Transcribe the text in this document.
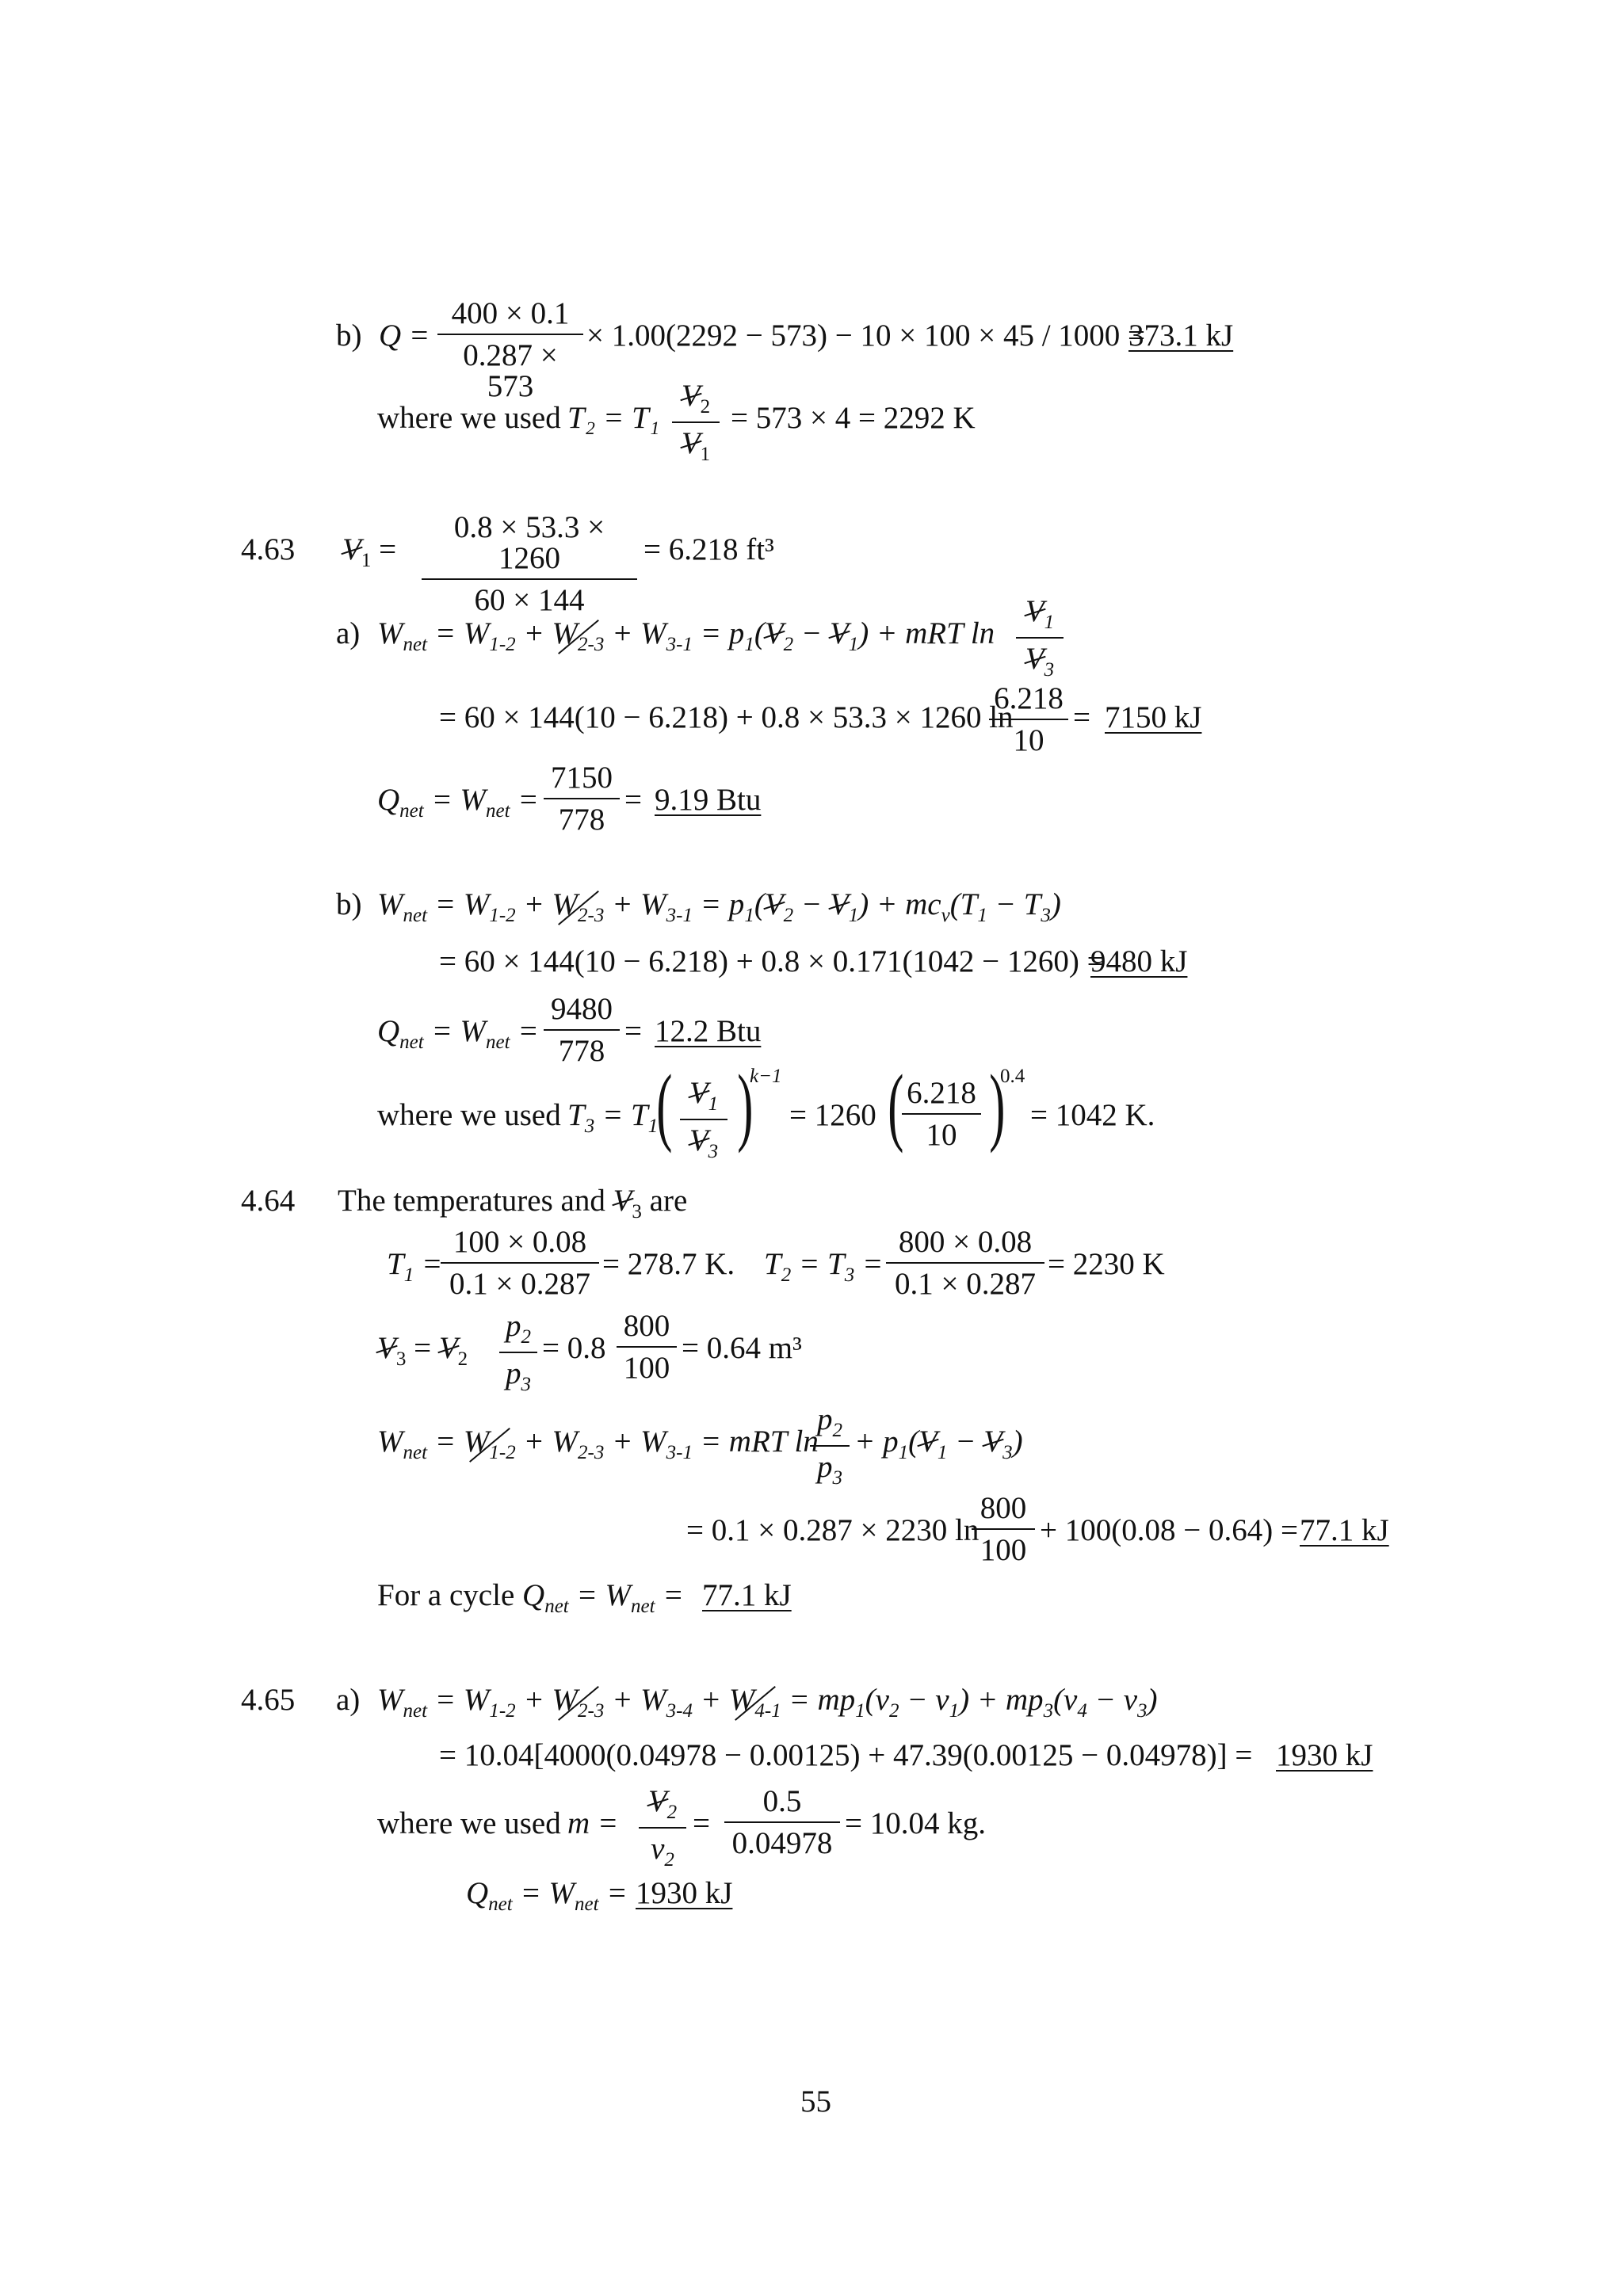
b) $Q = \frac{400 \times 0.1}{0.287 \times 573} \times 1.00(2292 - 573) - 10 \times 100 \times 45 / 1000$ =
373.1 kJ
where we used $T_2 = T_1 \frac{V_2}{V_1} = 573 \times 4 = 2292$ K
4.63 $V_1 = \frac{0.8 \times 53.3 \times 1260}{60 \times 144} = 6.218$ ft³
a) $W_{net} = W_{1-2} + W_{2-3} + W_{3-1} = p_1(V_2 - V_1)$ + mRT $\ln \frac{V_1}{V_3}$
= 60 × 144(10 − 6.218) + 0.8 × 53.3 × 1260 ln
$\frac{6.218}{10} = 7150$ kJ
$Q_{net} = W_{net} = \frac{7150}{778} = 9.19$ Btu
b) $W_{net} = W_{1-2} + W_{2-3} + W_{3-1} = p_1(V_2 - V_1) + mc_v(T_1 - T_3)$
= 60 × 144(10 − 6.218) + 0.8 × 0.171(1042 − 1260) =
9480 kJ
$Q_{net} = W_{net} = \frac{9480}{778} = 12.2$ Btu
where we used $T_3 = T_1$
( $\frac{V_1}{V_3}$ )
k−1
= 1260 (
$\frac{6.218}{10}$ )
0.4
= 1042 K.
4.64 The temperatures and $V_3$ are
$T_1$ =
$\frac{100 \times 0.08}{0.1 \times 0.287} = 278.7$ K. $T_2 = T_3 = \frac{800 \times 0.08}{0.1 \times 0.287} = 2230$ K
$V_3 = V_2 \frac{p_2}{p_3} = 0.8 \frac{800}{100} = 0.64$ m³
$W_{net} = W_{1-2} + W_{2-3} + W_{3-1}$ = mRT ln
$\frac{p_2}{p_3} + p_1(V_1 - V_3)$
= 0.1 × 0.287 × 2230 ln
$\frac{800}{100} + 100(0.08 - 0.64) = 77.1$ kJ
For a cycle $Q_{net} = W_{net} = 77.1$ kJ
4.65 a) $W_{net} = W_{1-2} + W_{2-3} + W_{3-4} + W_{4-1} = mp_1(v_2 - v_1) + mp_3(v_4 - v_3)$
= 10.04[4000(0.04978 − 0.00125) + 47.39(0.00125 − 0.04978)] = 1930 kJ
where we used $m = \frac{V_2}{v_2} = \frac{0.5}{0.04978} = 10.04$ kg.
$Q_{net} = W_{net} = 1930$ kJ
55
